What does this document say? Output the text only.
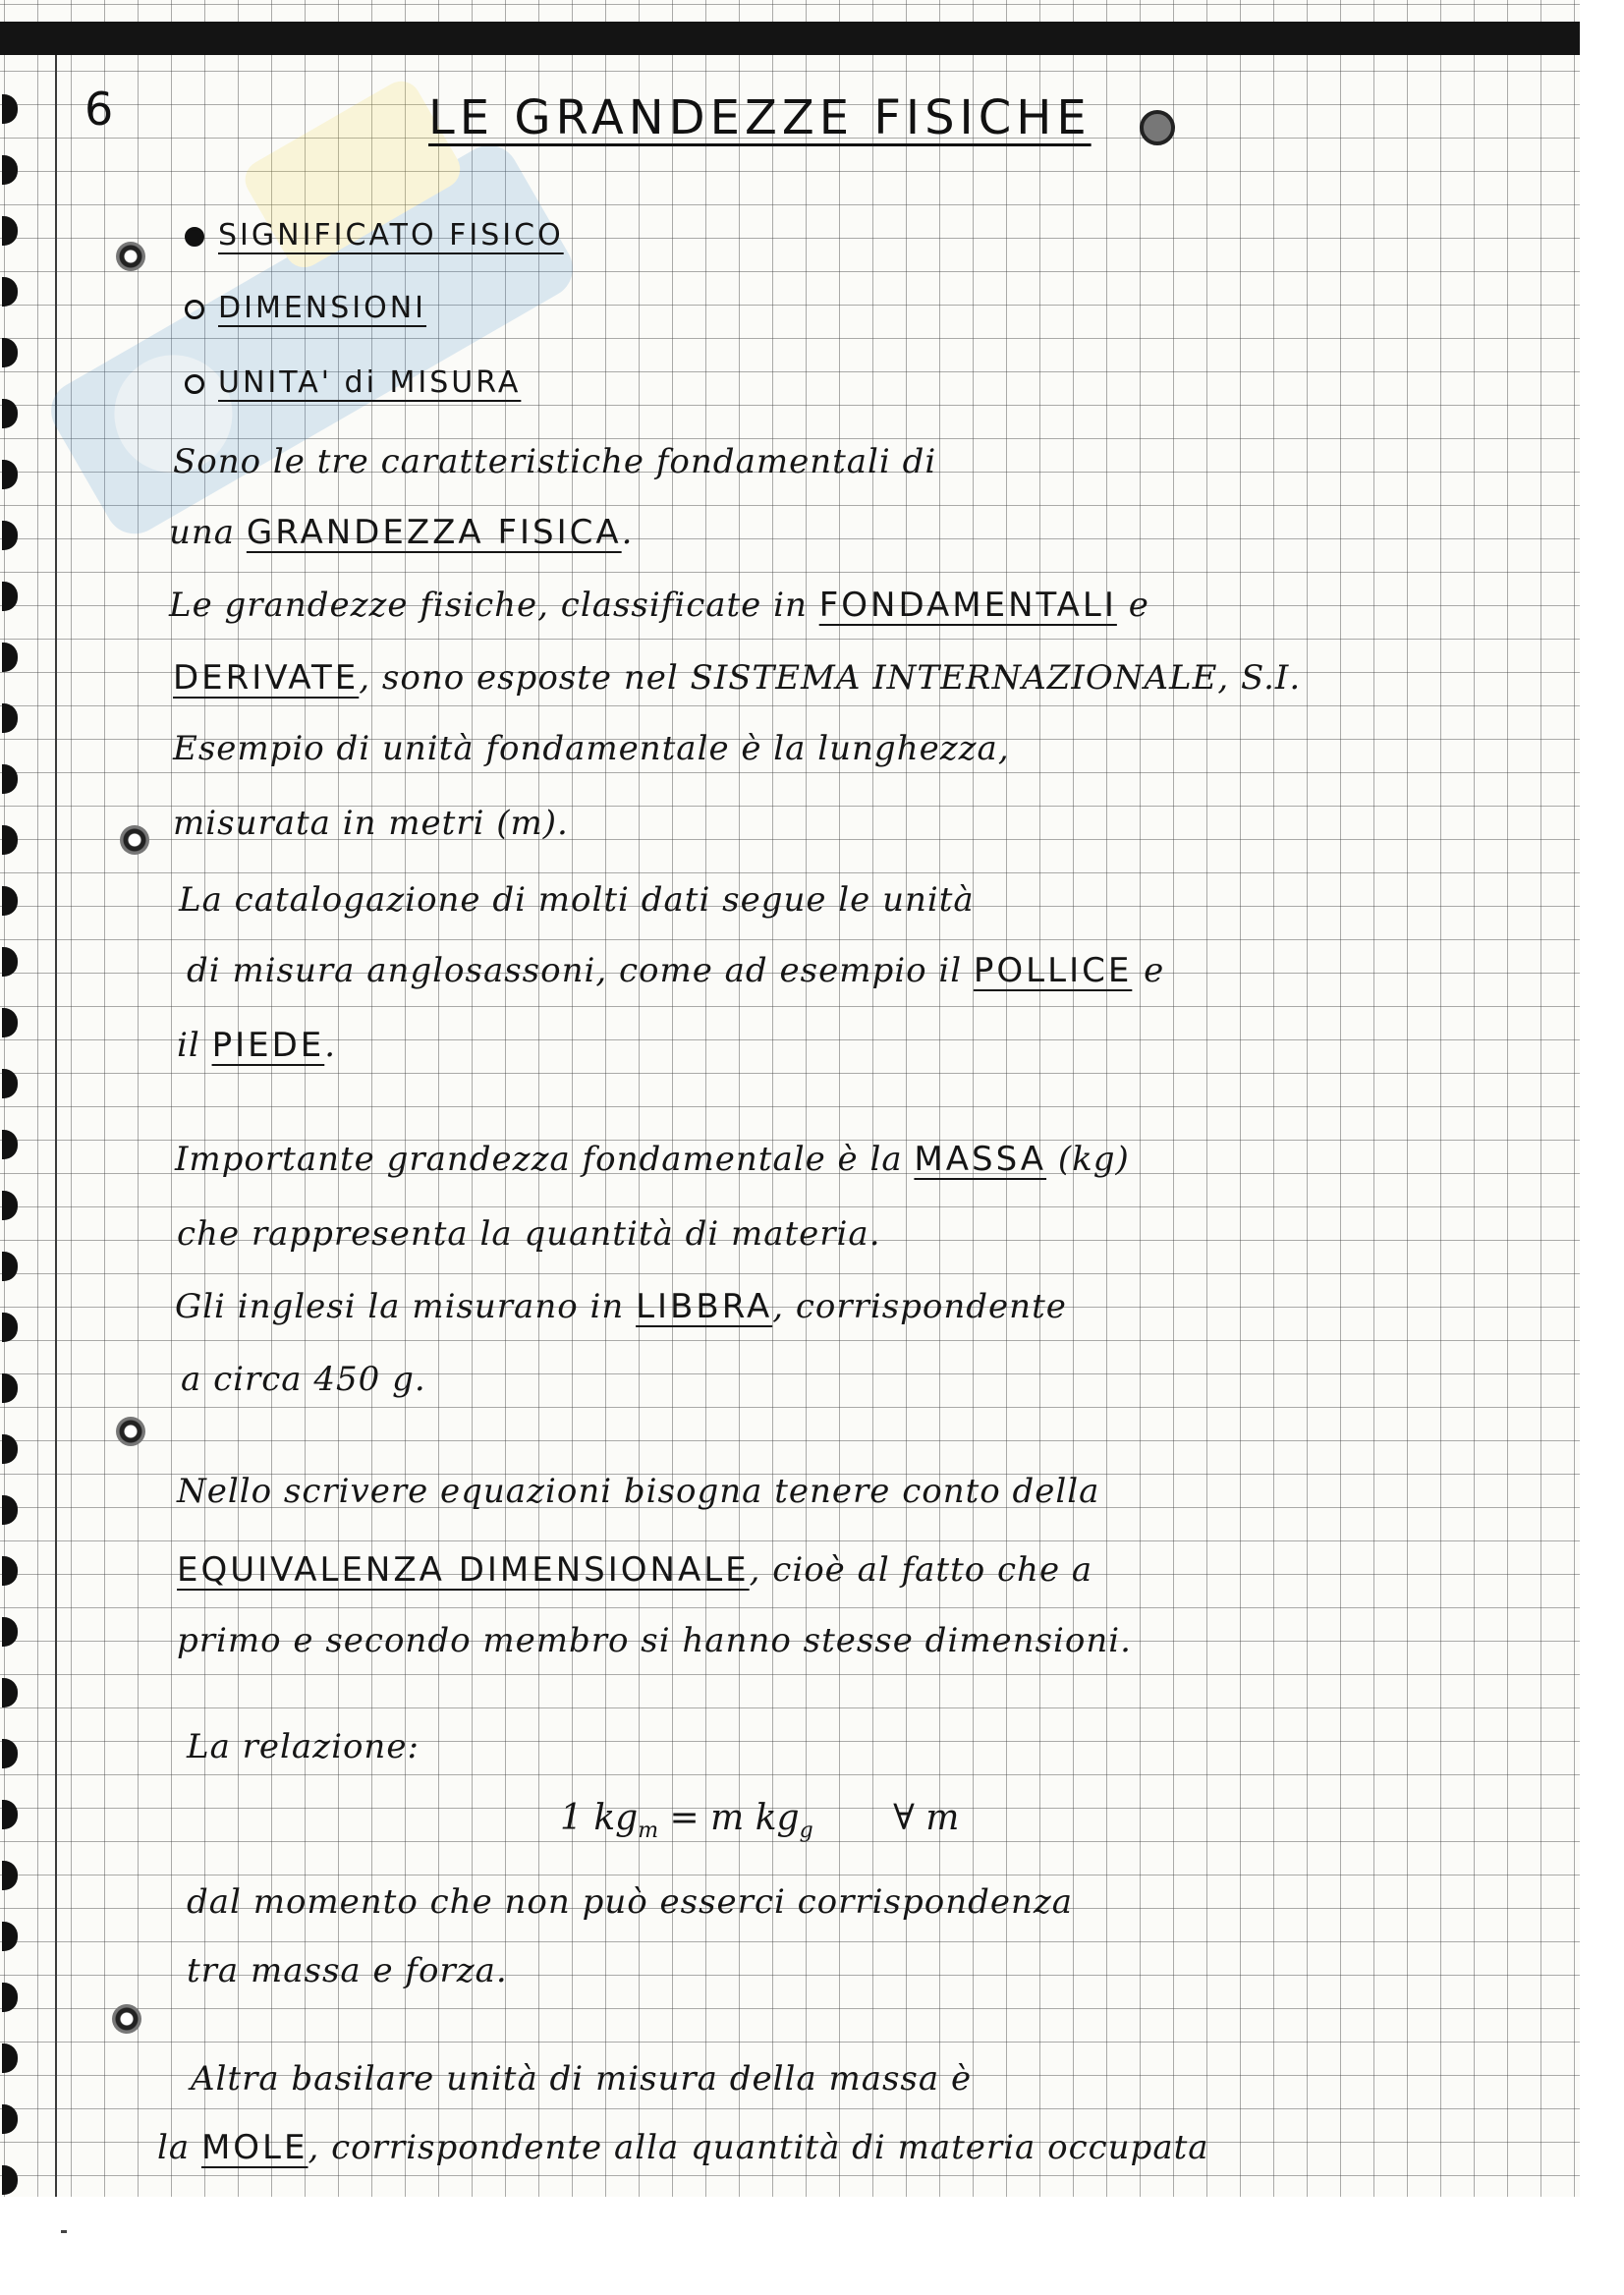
6	LE GRANDEZZE FISICHE
SIGNIFICATO FISICO
DIMENSIONI
UNITA' di MISURA
Sono le tre caratteristiche fondamentali di
una GRANDEZZA FISICA.
Le grandezze fisiche, classificate in FONDAMENTALI e
DERIVATE, sono esposte nel SISTEMA INTERNAZIONALE, S.I.
Esempio di unità fondamentale è la lunghezza,
misurata in metri (m).
La catalogazione di molti dati segue le unità
di misura anglosassoni, come ad esempio il POLLICE e
il PIEDE.
Importante grandezza fondamentale è la MASSA (kg)
che rappresenta la quantità di materia.
Gli inglesi la misurano in LIBBRA, corrispondente
a circa 450 g.
Nello scrivere equazioni bisogna tenere conto della
EQUIVALENZA DIMENSIONALE, cioè al fatto che a
primo e secondo membro si hanno stesse dimensioni.
La relazione:
dal momento che non può esserci corrispondenza
tra massa e forza.
Altra basilare unità di misura della massa è
la MOLE, corrispondente alla quantità di materia occupata
1 $kg_m = m$ $kg_g$ ∀ m
